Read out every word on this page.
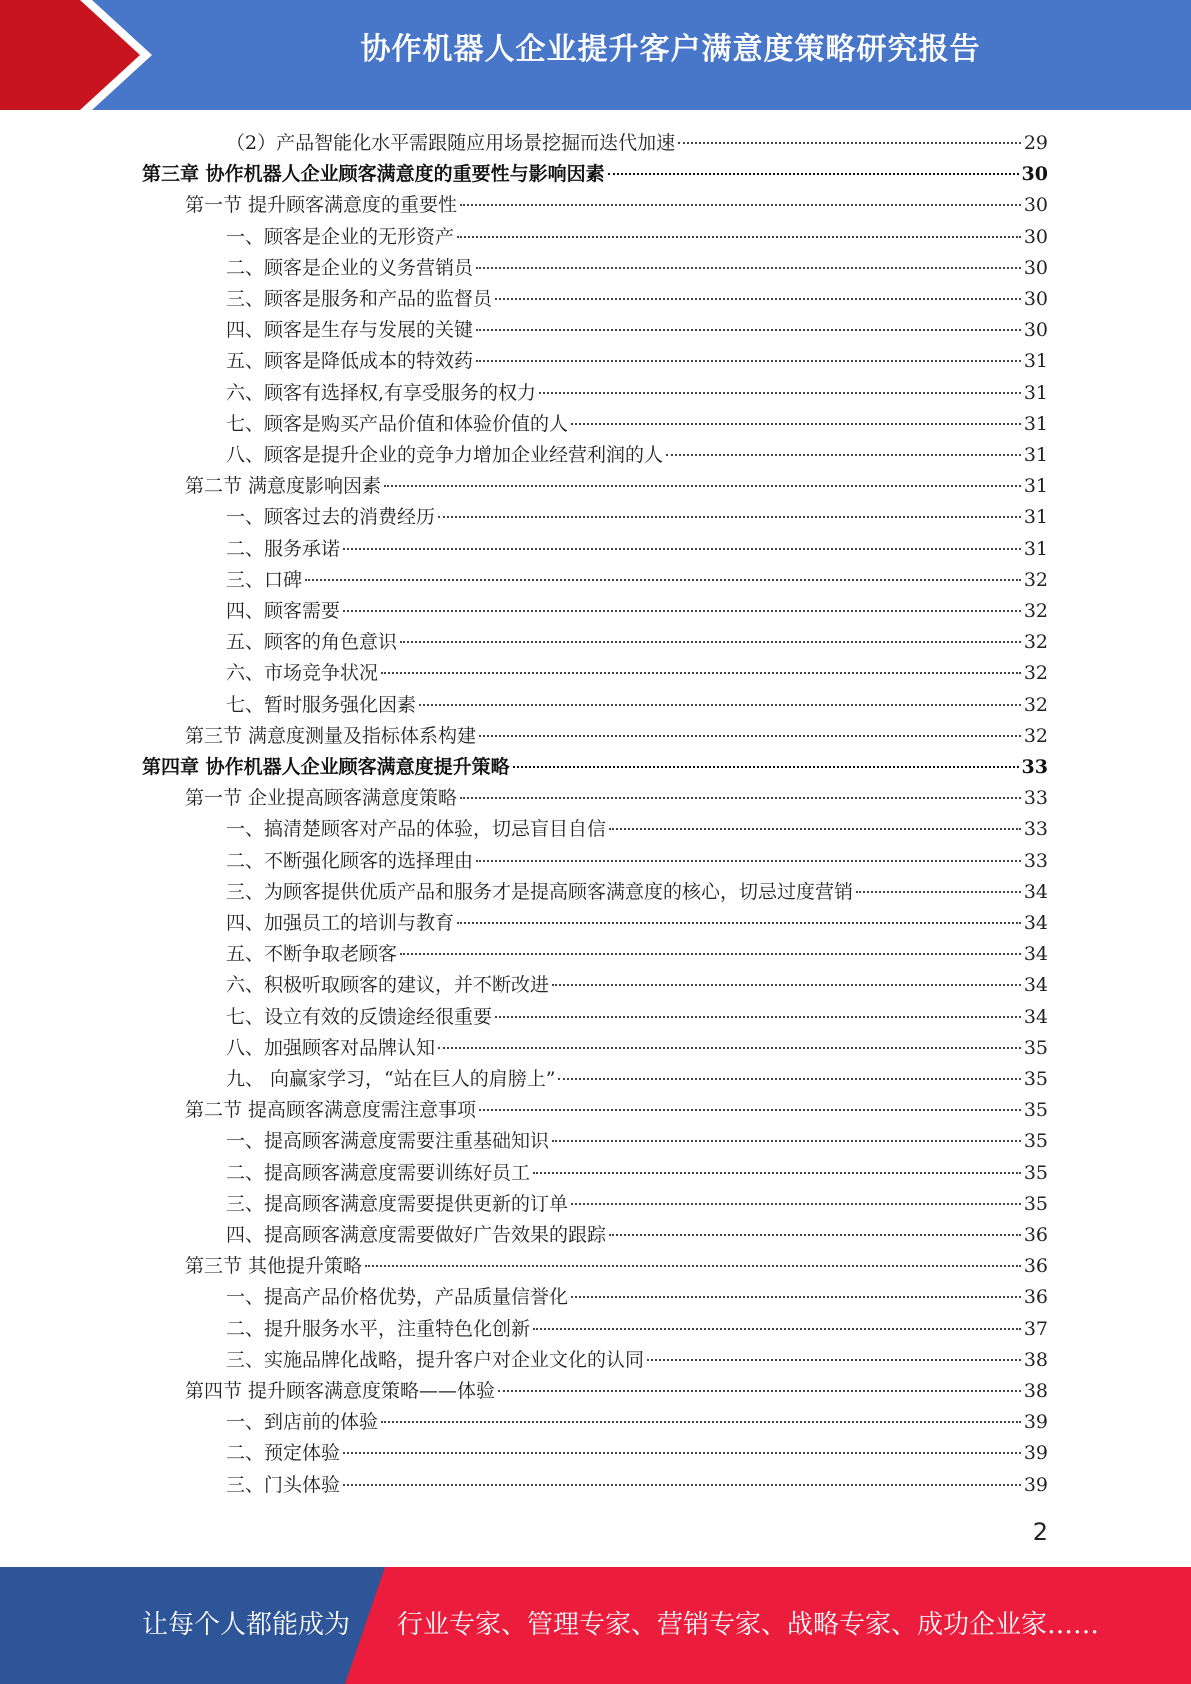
协作机器人企业提升客户满意度策略研究报告
（2）产品智能化水平需跟随应用场景挖掘而迭代加速	29
第三章 协作机器人企业顾客满意度的重要性与影响因素	30
第一节 提升顾客满意度的重要性	30
一、顾客是企业的无形资产	30
二、顾客是企业的义务营销员	30
三、顾客是服务和产品的监督员	30
四、顾客是生存与发展的关键	30
五、顾客是降低成本的特效药	31
六、顾客有选择权,有享受服务的权力	31
七、顾客是购买产品价值和体验价值的人	31
八、顾客是提升企业的竞争力增加企业经营利润的人	31
第二节 满意度影响因素	31
一、顾客过去的消费经历	31
二、服务承诺	31
三、口碑	32
四、顾客需要	32
五、顾客的角色意识	32
六、市场竞争状况	32
七、暂时服务强化因素	32
第三节 满意度测量及指标体系构建	32
第四章 协作机器人企业顾客满意度提升策略	33
第一节 企业提高顾客满意度策略	33
一、搞清楚顾客对产品的体验，切忌盲目自信	33
二、不断强化顾客的选择理由	33
三、为顾客提供优质产品和服务才是提高顾客满意度的核心，切忌过度营销	34
四、加强员工的培训与教育	34
五、不断争取老顾客	34
六、积极听取顾客的建议，并不断改进	34
七、设立有效的反馈途经很重要	34
八、加强顾客对品牌认知	35
九、 向赢家学习，“站在巨人的肩膀上”	35
第二节 提高顾客满意度需注意事项	35
一、提高顾客满意度需要注重基础知识	35
二、提高顾客满意度需要训练好员工	35
三、提高顾客满意度需要提供更新的订单	35
四、提高顾客满意度需要做好广告效果的跟踪	36
第三节 其他提升策略	36
一、提高产品价格优势，产品质量信誉化	36
二、提升服务水平，注重特色化创新	37
三、实施品牌化战略，提升客户对企业文化的认同	38
第四节 提升顾客满意度策略——体验	38
一、到店前的体验	39
二、预定体验	39
三、门头体验	39
2
让每个人都能成为 行业专家、管理专家、营销专家、战略专家、成功企业家……
